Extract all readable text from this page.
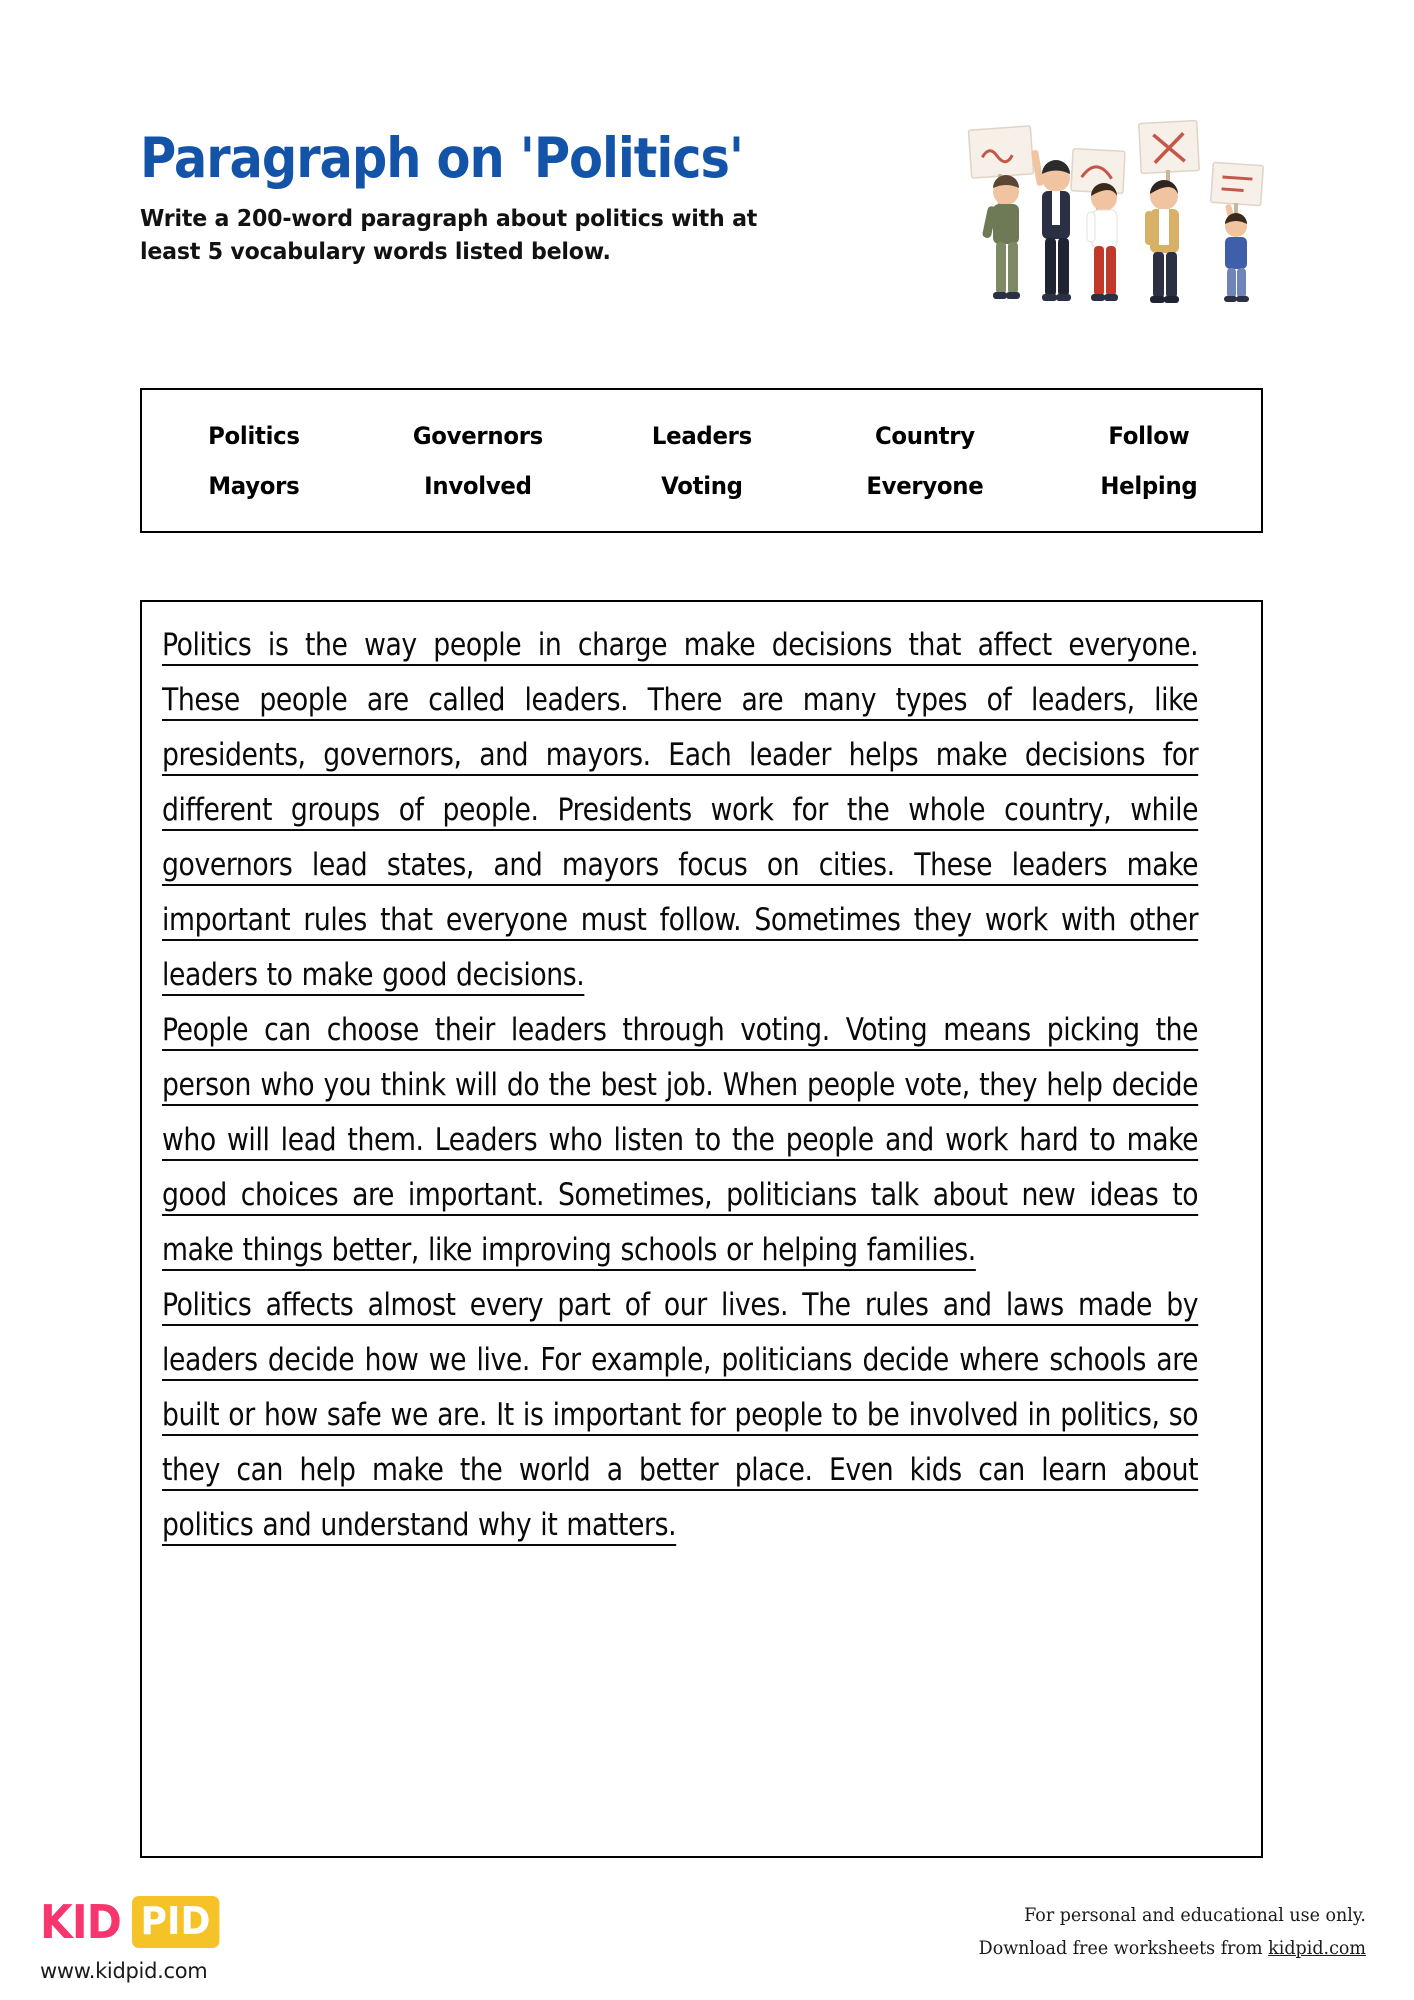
Paragraph on 'Politics'
Write a 200-word paragraph about politics with at least 5 vocabulary words listed below.
Politics	Governors	Leaders	Country	Follow
Mayors	Involved	Voting	Everyone	Helping
Politics is the way people in charge make decisions that affect everyone. These people are called leaders. There are many types of leaders, like presidents, governors, and mayors. Each leader helps make decisions for different groups of people. Presidents work for the whole country, while governors lead states, and mayors focus on cities. These leaders make important rules that everyone must follow. Sometimes they work with other leaders to make good decisions.
People can choose their leaders through voting. Voting means picking the person who you think will do the best job. When people vote, they help decide who will lead them. Leaders who listen to the people and work hard to make good choices are important. Sometimes, politicians talk about new ideas to make things better, like improving schools or helping families.
Politics affects almost every part of our lives. The rules and laws made by leaders decide how we live. For example, politicians decide where schools are built or how safe we are. It is important for people to be involved in politics, so they can help make the world a better place. Even kids can learn about politics and understand why it matters.
KID PID
www.kidpid.com
For personal and educational use only.
Download free worksheets from kidpid.com
